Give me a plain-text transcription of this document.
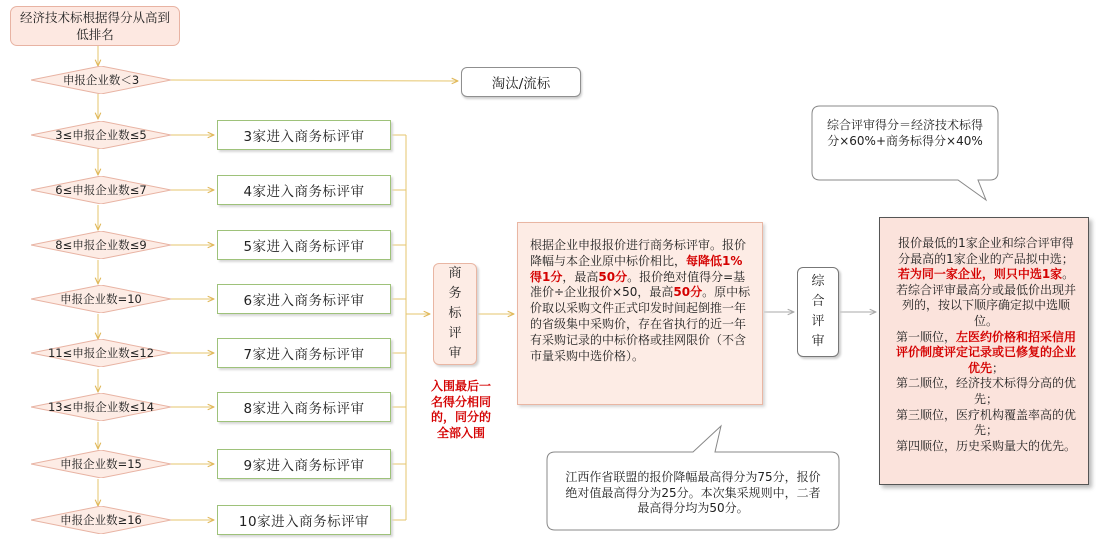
经济技术标根据得分从高到低排名
申报企业数＜3
3≤申报企业数≤5
6≤申报企业数≤7
8≤申报企业数≤9
申报企业数=10
11≤申报企业数≤12
13≤申报企业数≤14
申报企业数=15
申报企业数≥16
淘汰/流标
3家进入商务标评审
4家进入商务标评审
5家进入商务标评审
6家进入商务标评审
7家进入商务标评审
8家进入商务标评审
9家进入商务标评审
10家进入商务标评审
商
务
标
评
审
入围最后一名得分相同的，同分的全部入围
根据企业申报报价进行商务标评审。报价降幅与本企业原中标价相比，每降低1%得1分，最高50分。报价绝对值得分=基准价÷企业报价×50，最高50分。原中标价取以采购文件正式印发时间起倒推一年的省级集中采购价，存在省执行的近一年有采购记录的中标价格或挂网限价（不含市量采购中选价格）。
综
合
评
审
报价最低的1家企业和综合评审得分最高的1家企业的产品拟中选；若为同一家企业，则只中选1家。若综合评审最高分或最低价出现并列的，按以下顺序确定拟中选顺位。
第一顺位，左医约价格和招采信用评价制度评定记录或已修复的企业优先；
第二顺位，经济技术标得分高的优先；
第三顺位，医疗机构覆盖率高的优先；
第四顺位，历史采购量大的优先。
综合评审得分＝经济技术标得分×60%+商务标得分×40%
江西作省联盟的报价降幅最高得分为75分，报价绝对值最高得分为25分。本次集采规则中，二者最高得分均为50分。
